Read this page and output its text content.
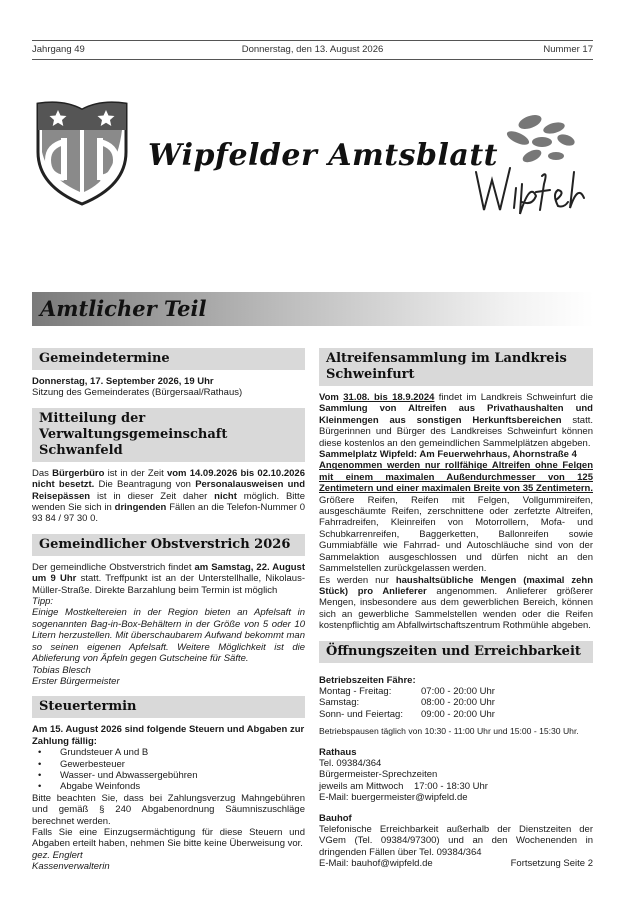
Jahrgang 49	Donnerstag, den 13. August 2026	Nummer 17
Wipfelder Amtsblatt
Amtlicher Teil
Gemeindetermine

Donnerstag, 17. September 2026, 19 Uhr

Sitzung des Gemeinderates (Bürgersaal/Rathaus)

Mitteilung der Verwaltungsgemeinschaft Schwanfeld

Das Bürgerbüro ist in der Zeit vom 14.09.2026 bis 02.10.2026 nicht besetzt. Die Beantragung von Personalausweisen und Reisepässen ist in dieser Zeit daher nicht möglich. Bitte wenden Sie sich in dringenden Fällen an die Telefon-Nummer 0 93 84 / 97 30 0.

Gemeindlicher Obstverstrich 2026

Der gemeindliche Obstverstrich findet am Samstag, 22. August um 9 Uhr statt. Treffpunkt ist an der Unterstellhalle, Nikolaus-Müller-Straße. Direkte Barzahlung beim Termin ist möglich

Tipp:

Einige Mostkeltereien in der Region bieten an Apfelsaft in sogenannten Bag-in-Box-Behältern in der Größe von 5 oder 10 Litern herzustellen. Mit überschaubarem Aufwand bekommt man so seinen eigenen Apfelsaft. Weitere Möglichkeit ist die Ablieferung von Äpfeln gegen Gutscheine für Säfte.

Tobias Blesch

Erster Bürgermeister

Steuertermin

Am 15. August 2026 sind folgende Steuern und Abgaben zur Zahlung fällig:

• Grundsteuer A und B
• Gewerbesteuer
• Wasser- und Abwassergebühren
• Abgabe Weinfonds

Bitte beachten Sie, dass bei Zahlungsverzug Mahngebühren und gemäß § 240 Abgabenordnung Säumniszuschläge berechnet werden.

Falls Sie eine Einzugsermächtigung für diese Steuern und Abgaben erteilt haben, nehmen Sie bitte keine Überweisung vor.

gez. Englert

Kassenverwalterin

Altreifensammlung im Landkreis Schweinfurt

Vom 31.08. bis 18.9.2024 findet im Landkreis Schweinfurt die Sammlung von Altreifen aus Privathaushalten und Kleinmengen aus sonstigen Herkunftsbereichen statt. Bürgerinnen und Bürger des Landkreises Schweinfurt können diese kostenlos an den gemeindlichen Sammelplätzen abgeben.

Sammelplatz Wipfeld: Am Feuerwehrhaus, Ahornstraße 4

Angenommen werden nur rollfähige Altreifen ohne Felgen mit einem maximalen Außendurchmesser von 125 Zentimetern und einer maximalen Breite von 35 Zentimetern. Größere Reifen, Reifen mit Felgen, Vollgummireifen, ausgeschäumte Reifen, zerschnittene oder zerfetzte Altreifen, Fahrradreifen, Kleinreifen von Motorrollern, Mofa- und Schubkarrenreifen, Baggerketten, Ballonreifen sowie Gummiabfälle wie Fahrrad- und Autoschläuche sind von der Sammelaktion ausgeschlossen und dürfen nicht an den Sammelstellen zurückgelassen werden.

Es werden nur haushaltsübliche Mengen (maximal zehn Stück) pro Anlieferer angenommen. Anlieferer größerer Mengen, insbesondere aus dem gewerblichen Bereich, können sich an gewerbliche Sammelstellen wenden oder die Reifen kostenpflichtig am Abfallwirtschaftszentrum Rothmühle abgeben.

Öffnungszeiten und Erreichbarkeit

Betriebszeiten Fähre:

Montag - Freitag:	07:00 - 20:00 Uhr
Samstag:	08:00 - 20:00 Uhr
Sonn- und Feiertag:	09:00 - 20:00 Uhr

Betriebspausen täglich von 10:30 - 11:00 Uhr und 15:00 - 15:30 Uhr.

Rathaus

Tel. 09384/364

Bürgermeister-Sprechzeiten

jeweils am Mittwoch    17:00 - 18:30 Uhr

E-Mail: buergermeister@wipfeld.de

Bauhof

Telefonische Erreichbarkeit außerhalb der Dienstzeiten der VGem (Tel. 09384/97300) und an den Wochenenden in dringenden Fällen über Tel. 09384/364

E-Mail: bauhof@wipfeld.de	Fortsetzung Seite 2
